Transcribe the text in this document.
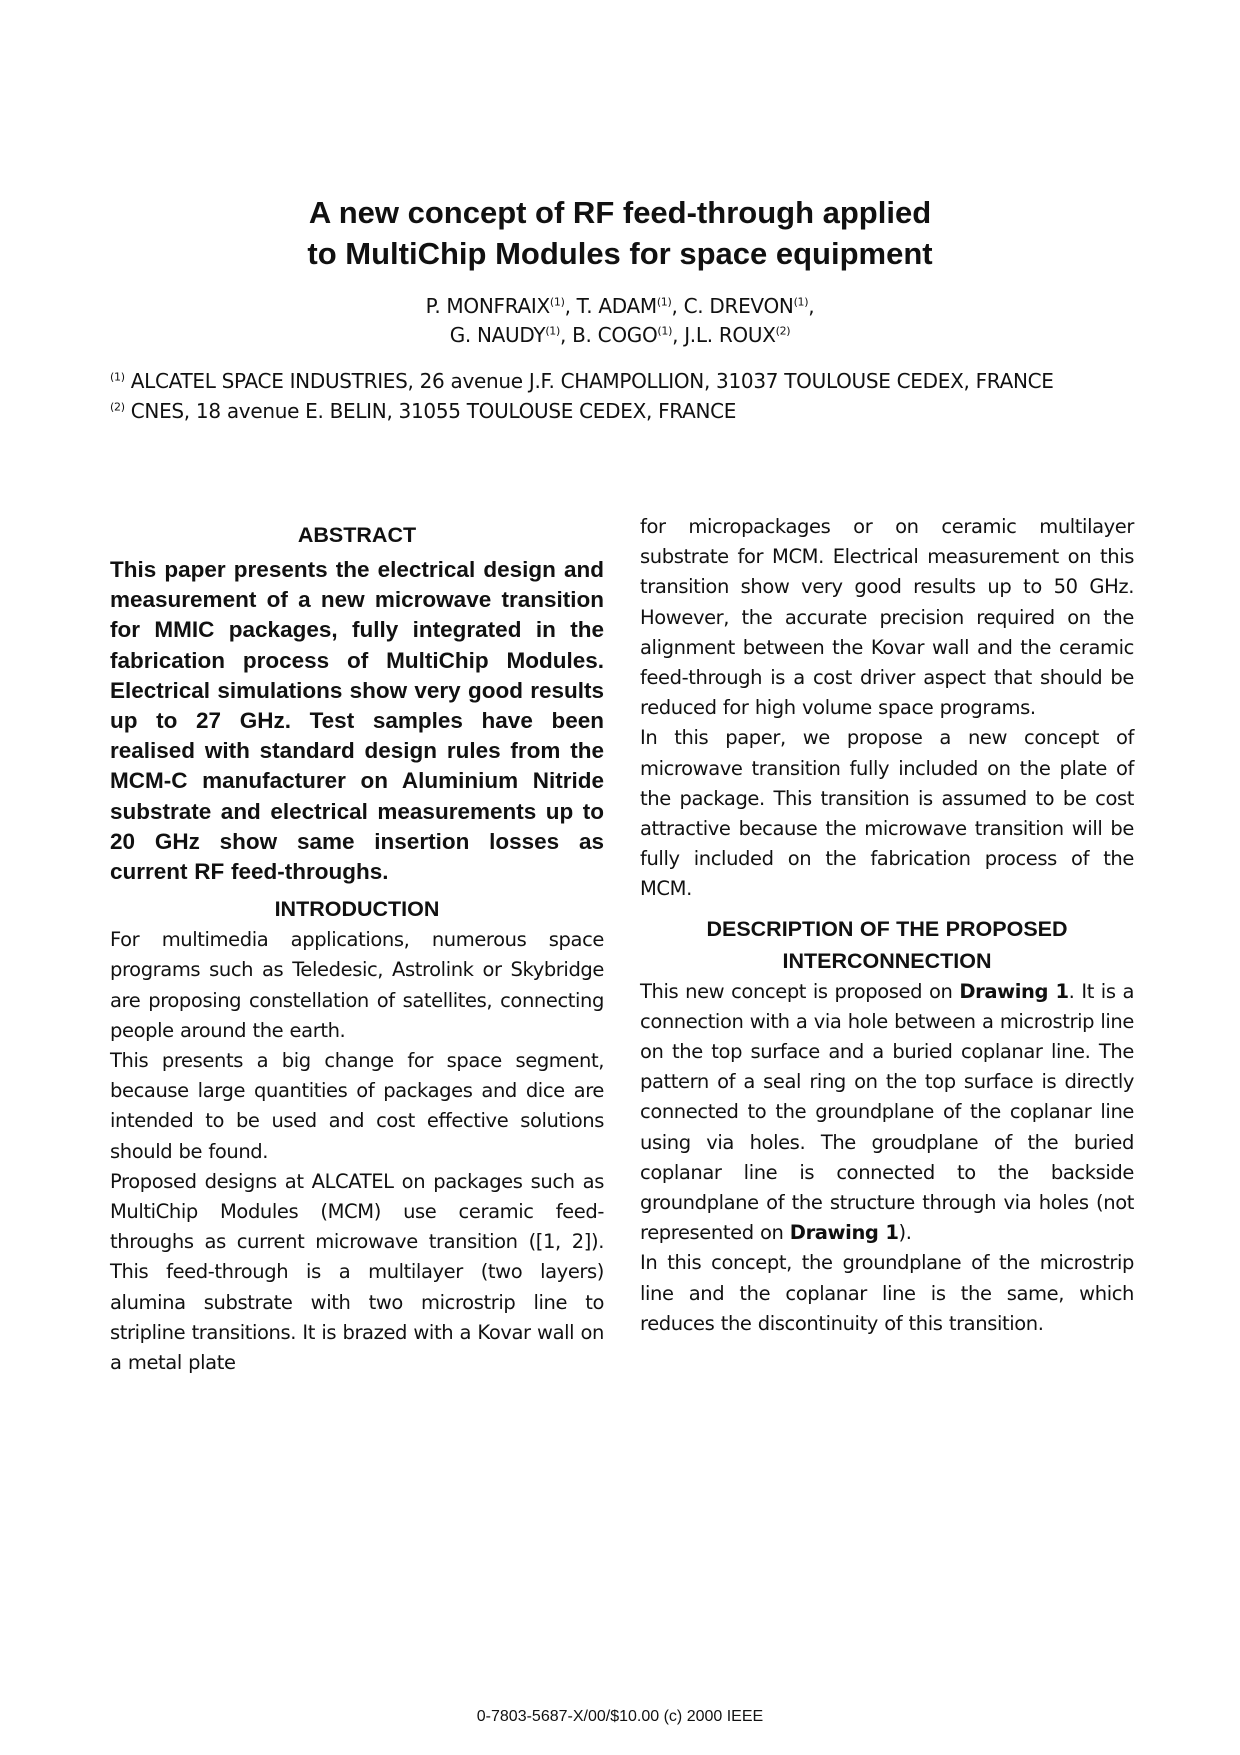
A new concept of RF feed-through applied
to MultiChip Modules for space equipment
P. MONFRAIX$^{(1)}$, T. ADAM$^{(1)}$, C. DREVON$^{(1)}$,
G. NAUDY$^{(1)}$, B. COGO$^{(1)}$, J.L. ROUX$^{(2)}$
$^{(1)}$ ALCATEL SPACE INDUSTRIES, 26 avenue J.F. CHAMPOLLION, 31037 TOULOUSE CEDEX, FRANCE
$^{(2)}$ CNES, 18 avenue E. BELIN, 31055 TOULOUSE CEDEX, FRANCE
ABSTRACT

This paper presents the electrical design and measurement of a new microwave transition for MMIC packages, fully integrated in the fabrication process of MultiChip Modules. Electrical simulations show very good results up to 27 GHz. Test samples have been realised with standard design rules from the MCM-C manufacturer on Aluminium Nitride substrate and electrical measurements up to 20 GHz show same insertion losses as current RF feed-throughs.

INTRODUCTION

For multimedia applications, numerous space programs such as Teledesic, Astrolink or Skybridge are proposing constellation of satellites, connecting people around the earth.

This presents a big change for space segment, because large quantities of packages and dice are intended to be used and cost effective solutions should be found.

Proposed designs at ALCATEL on packages such as MultiChip Modules (MCM) use ceramic feed-throughs as current microwave transition ([1, 2]). This feed-through is a multilayer (two layers) alumina substrate with two microstrip line to stripline transitions. It is brazed with a Kovar wall on a metal plate

for micropackages or on ceramic multilayer substrate for MCM. Electrical measurement on this transition show very good results up to 50 GHz. However, the accurate precision required on the alignment between the Kovar wall and the ceramic feed-through is a cost driver aspect that should be reduced for high volume space programs.

In this paper, we propose a new concept of microwave transition fully included on the plate of the package. This transition is assumed to be cost attractive because the microwave transition will be fully included on the fabrication process of the MCM.

DESCRIPTION OF THE PROPOSED
INTERCONNECTION

This new concept is proposed on Drawing 1. It is a connection with a via hole between a microstrip line on the top surface and a buried coplanar line. The pattern of a seal ring on the top surface is directly connected to the groundplane of the coplanar line using via holes. The groudplane of the buried coplanar line is connected to the backside groundplane of the structure through via holes (not represented on Drawing 1).

In this concept, the groundplane of the microstrip line and the coplanar line is the same, which reduces the discontinuity of this transition.

0-7803-5687-X/00/$10.00 (c) 2000 IEEE
